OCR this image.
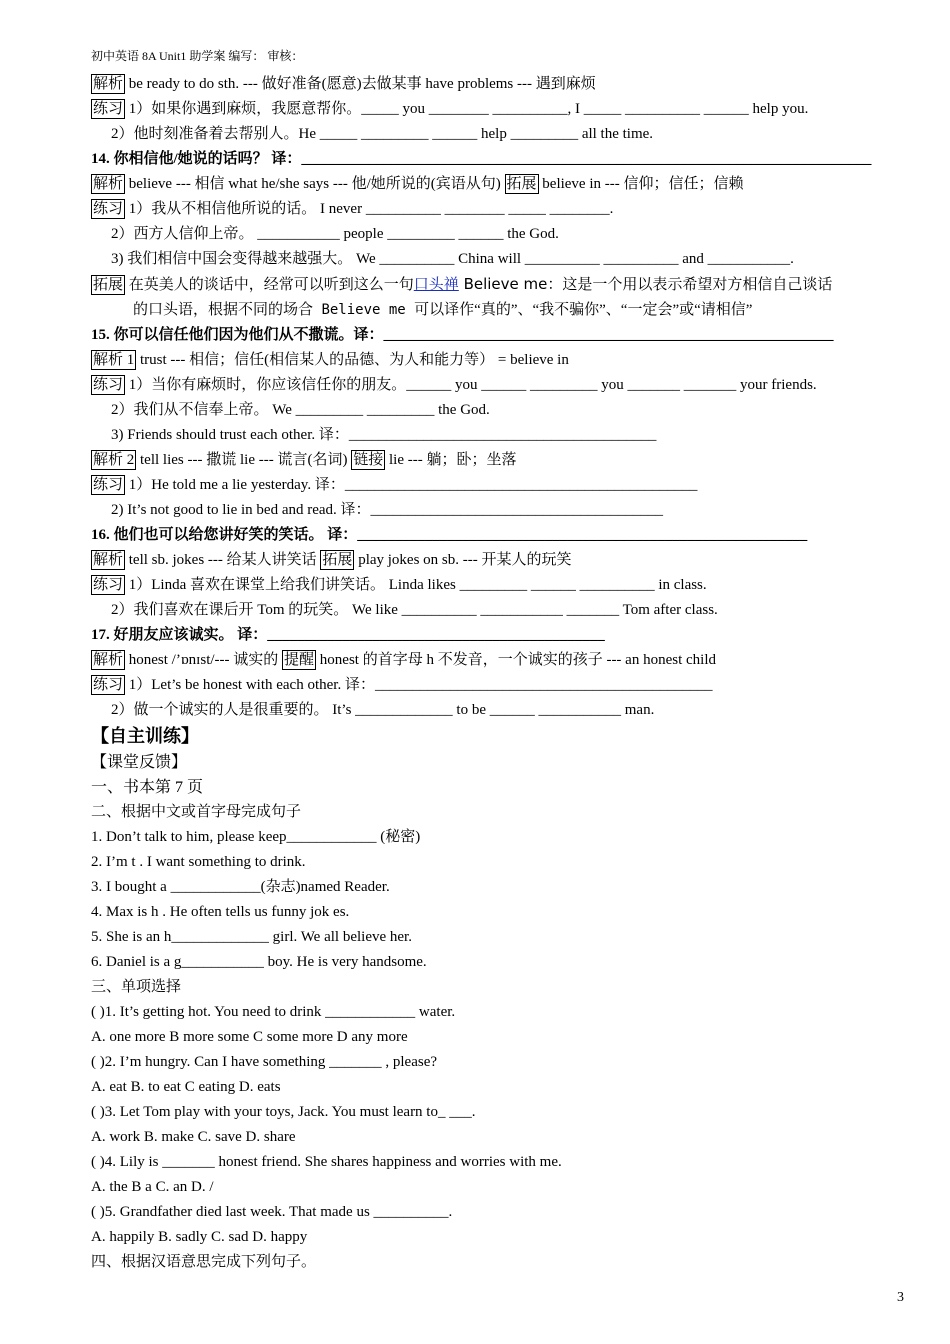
初中英语 8A Unit1 助学案 编写： 审核：
解析 be ready to do sth. --- 做好准备(愿意)去做某事 have problems --- 遇到麻烦
练习 1）如果你遇到麻烦，我愿意帮你。_____ you ________ __________, I _____ __________ ______ help you.
2）他时刻准备着去帮别人。He _____ _________ ______ help _________ all the time.
14. 你相信他/她说的话吗？ 译：____________________________________________________________________________
解析 believe --- 相信 what he/she says --- 他/她所说的(宾语从句) 拓展 believe in --- 信仰；信任；信赖
练习 1）我从不相信他所说的话。 I never __________ ________ _____ ________.
2）西方人信仰上帝。 ___________ people _________ ______ the God.
3) 我们相信中国会变得越来越强大。 We __________ China will __________ __________ and ___________.
拓展 在英美人的谈话中，经常可以听到这么一句口头禅 Believe me：这是一个用以表示希望对方相信自己谈话
的口头语，根据不同的场合 Believe me 可以译作“真的”、“我不骗你”、“一定会”或“请相信”
15. 你可以信任他们因为他们从不撒谎。译：____________________________________________________________
解析 1 trust --- 相信；信任(相信某人的品德、为人和能力等） = believe in
练习 1）当你有麻烦时，你应该信任你的朋友。______ you ______ _________ you _______ _______ your friends.
2）我们从不信奉上帝。 We _________ _________ the God.
3) Friends should trust each other. 译：_________________________________________
解析 2 tell lies --- 撒谎 lie --- 谎言(名词) 链接 lie --- 躺；卧；坐落
练习 1）He told me a lie yesterday. 译：_______________________________________________
2) It’s not good to lie in bed and read. 译：_______________________________________
16. 他们也可以给您讲好笑的笑话。 译：____________________________________________________________
解析 tell sb. jokes --- 给某人讲笑话 拓展 play jokes on sb. --- 开某人的玩笑
练习 1）Linda 喜欢在课堂上给我们讲笑话。 Linda likes _________ ______ __________ in class.
2）我们喜欢在课后开 Tom 的玩笑。 We like __________ ___________ _______ Tom after class.
17. 好朋友应该诚实。 译：_____________________________________________
解析 honest /’ɒnɪst/--- 诚实的 提醒 honest 的首字母 h 不发音，一个诚实的孩子 --- an honest child
练习 1）Let’s be honest with each other. 译：_____________________________________________
2）做一个诚实的人是很重要的。 It’s _____________ to be ______ ___________ man.
【自主训练】
【课堂反馈】
一、书本第 7 页
二、根据中文或首字母完成句子
1. Don’t talk to him, please keep____________ (秘密)
2. I’m t . I want something to drink.
3. I bought a ____________(杂志)named Reader.
4. Max is h . He often tells us funny jok es.
5. She is an h_____________ girl. We all believe her.
6. Daniel is a g___________ boy. He is very handsome.
三、单项选择
( )1. It’s getting hot. You need to drink ____________ water.
A. one more B more some C some more D any more
( )2. I’m hungry. Can I have something _______ , please?
A. eat B. to eat C eating D. eats
( )3. Let Tom play with your toys, Jack. You must learn to_ ___.
A. work B. make C. save D. share
( )4. Lily is _______ honest friend. She shares happiness and worries with me.
A. the B a C. an D. /
( )5. Grandfather died last week. That made us __________.
A. happily B. sadly C. sad D. happy
四、根据汉语意思完成下列句子。
3
